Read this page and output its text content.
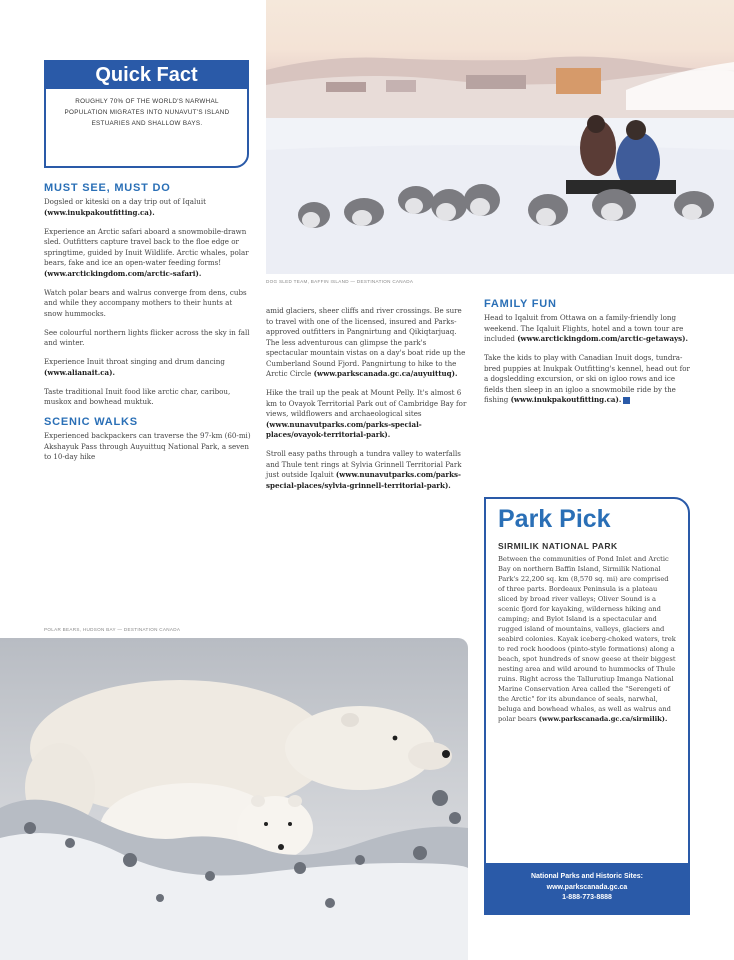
DOG SLED TEAM, BAFFIN ISLAND — DESTINATION CANADA
Quick Fact
ROUGHLY 70% OF THE WORLD'S NARWHAL POPULATION MIGRATES INTO NUNAVUT'S ISLAND ESTUARIES AND SHALLOW BAYS.
MUST SEE, MUST DO

Dogsled or kiteski on a day trip out of Iqaluit (www.inukpakoutfitting.ca).

Experience an Arctic safari aboard a snowmobile-drawn sled. Outfitters capture travel back to the floe edge or springtime, guided by Inuit Wildlife. Arctic whales, polar bears, fake and ice an open-water feeding forms! (www.arctickingdom.com/arctic-safari).

Watch polar bears and walrus converge from dens, cubs and while they accompany mothers to their hunts at snow hummocks.

See colourful northern lights flicker across the sky in fall and winter.

Experience Inuit throat singing and drum dancing (www.alianait.ca).

Taste traditional Inuit food like arctic char, caribou, muskox and bowhead muktuk.

SCENIC WALKS
Experienced backpackers can traverse the 97-km (60-mi) Akshayuk Pass through Auyuittuq National Park, a seven to 10-day hike

amid glaciers, sheer cliffs and river crossings. Be sure to travel with one of the licensed, insured and Parks-approved outfitters in Pangnirtung and Qikiqtarjuaq. The less adventurous can glimpse the park's spectacular mountain vistas on a day's boat ride up the Cumberland Sound Fjord. Pangnirtung to hike to the Arctic Circle (www.parkscanada.gc.ca/auyuittuq).

Hike the trail up the peak at Mount Pelly. It's almost 6 km to Ovayok Territorial Park out of Cambridge Bay for views, wildflowers and archaeological sites (www.nunavutparks.com/parks-special-places/ovayok-territorial-park).

Stroll easy paths through a tundra valley to waterfalls and Thule tent rings at Sylvia Grinnell Territorial Park just outside Iqaluit (www.nunavutparks.com/parks-special-places/sylvia-grinnell-territorial-park).

FAMILY FUN

Head to Iqaluit from Ottawa on a family-friendly long weekend. The Iqaluit Flights, hotel and a town tour are included (www.arctickingdom.com/arctic-getaways).

Take the kids to play with Canadian Inuit dogs, tundra-bred puppies at Inukpak Outfitting's kennel, head out for a dogsledding excursion, or ski on igloo rows and ice fields then sleep in an igloo a snowmobile ride by the fishing (www.inukpakoutfitting.ca).

Park Pick
SIRMILIK NATIONAL PARK
Between the communities of Pond Inlet and Arctic Bay on northern Baffin Island, Sirmilik National Park's 22,200 sq. km (8,570 sq. mi) are comprised of three parts. Bordeaux Peninsula is a plateau sliced by broad river valleys; Oliver Sound is a scenic fjord for kayaking, wilderness hiking and camping; and Bylot Island is a spectacular and rugged island of mountains, valleys, glaciers and seabird colonies. Kayak iceberg-choked waters, trek to red rock hoodoos (pinto-style formations) along a beach, spot hundreds of snow geese at their biggest nesting area and wild around to hummocks of Thule ruins. Right across the Tallurutiup Imanga National Marine Conservation Area called the "Serengeti of the Arctic" for its abundance of seals, narwhal, beluga and bowhead whales, as well as walrus and polar bears (www.parkscanada.gc.ca/sirmilik).
National Parks and Historic Sites:
www.parkscanada.gc.ca
1-888-773-8888
POLAR BEARS, HUDSON BAY — DESTINATION CANADA
